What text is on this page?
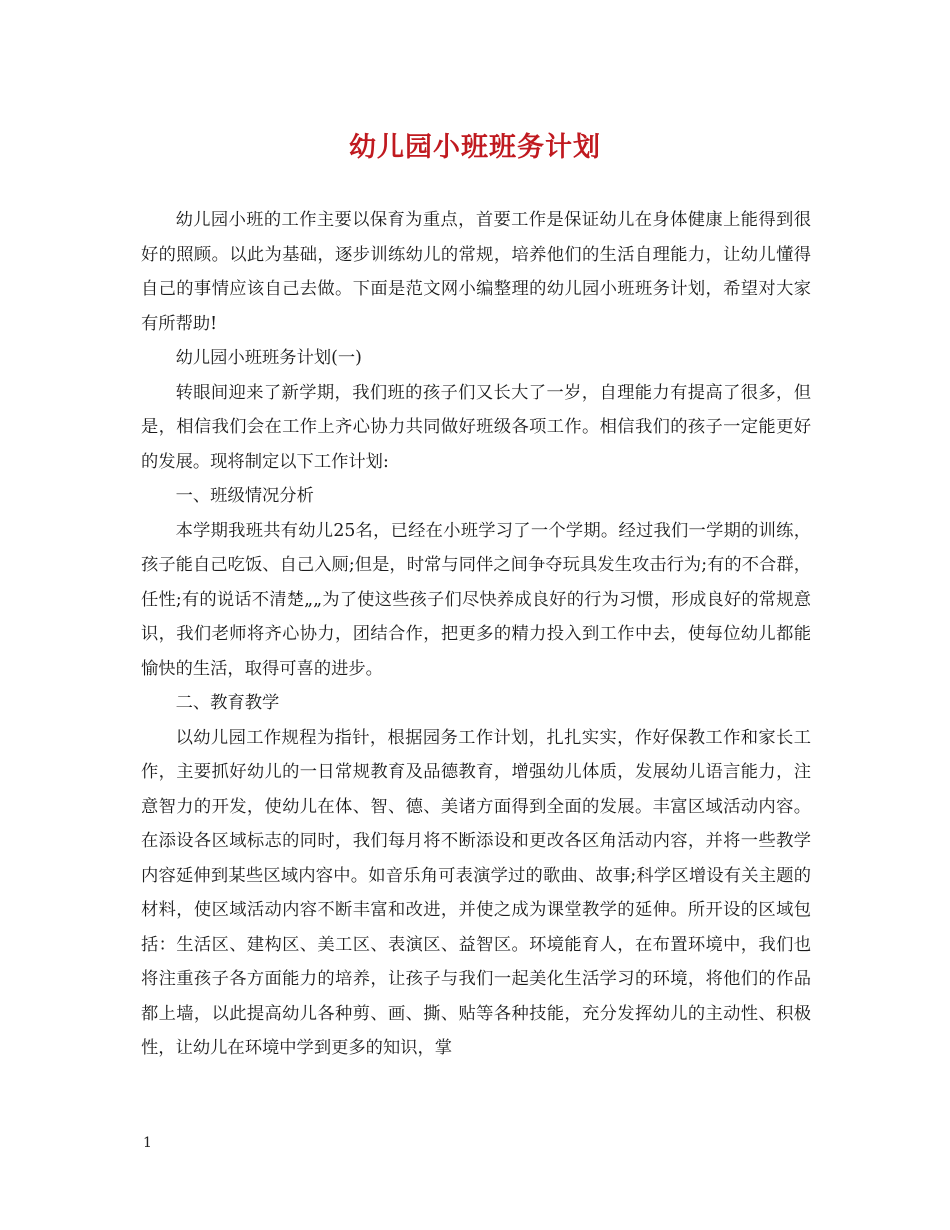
幼儿园小班班务计划

幼儿园小班的工作主要以保育为重点，首要工作是保证幼儿在身体健康上能得到很好的照顾。以此为基础，逐步训练幼儿的常规，培养他们的生活自理能力，让幼儿懂得自己的事情应该自己去做。下面是范文网小编整理的幼儿园小班班务计划，希望对大家有所帮助!

幼儿园小班班务计划(一)

转眼间迎来了新学期，我们班的孩子们又长大了一岁，自理能力有提高了很多，但是，相信我们会在工作上齐心协力共同做好班级各项工作。相信我们的孩子一定能更好的发展。现将制定以下工作计划:

一、班级情况分析

本学期我班共有幼儿25名，已经在小班学习了一个学期。经过我们一学期的训练，孩子能自己吃饭、自己入厕;但是，时常与同伴之间争夺玩具发生攻击行为;有的不合群，任性;有的说话不清楚„„为了使这些孩子们尽快养成良好的行为习惯，形成良好的常规意识，我们老师将齐心协力，团结合作，把更多的精力投入到工作中去，使每位幼儿都能愉快的生活，取得可喜的进步。

二、教育教学

以幼儿园工作规程为指针，根据园务工作计划，扎扎实实，作好保教工作和家长工作，主要抓好幼儿的一日常规教育及品德教育，增强幼儿体质，发展幼儿语言能力，注意智力的开发，使幼儿在体、智、德、美诸方面得到全面的发展。丰富区域活动内容。在添设各区域标志的同时，我们每月将不断添设和更改各区角活动内容，并将一些教学内容延伸到某些区域内容中。如音乐角可表演学过的歌曲、故事;科学区增设有关主题的材料，使区域活动内容不断丰富和改进，并使之成为课堂教学的延伸。所开设的区域包括：生活区、建构区、美工区、表演区、益智区。环境能育人，在布置环境中，我们也将注重孩子各方面能力的培养，让孩子与我们一起美化生活学习的环境，将他们的作品都上墙，以此提高幼儿各种剪、画、撕、贴等各种技能，充分发挥幼儿的主动性、积极性，让幼儿在环境中学到更多的知识，掌

1
